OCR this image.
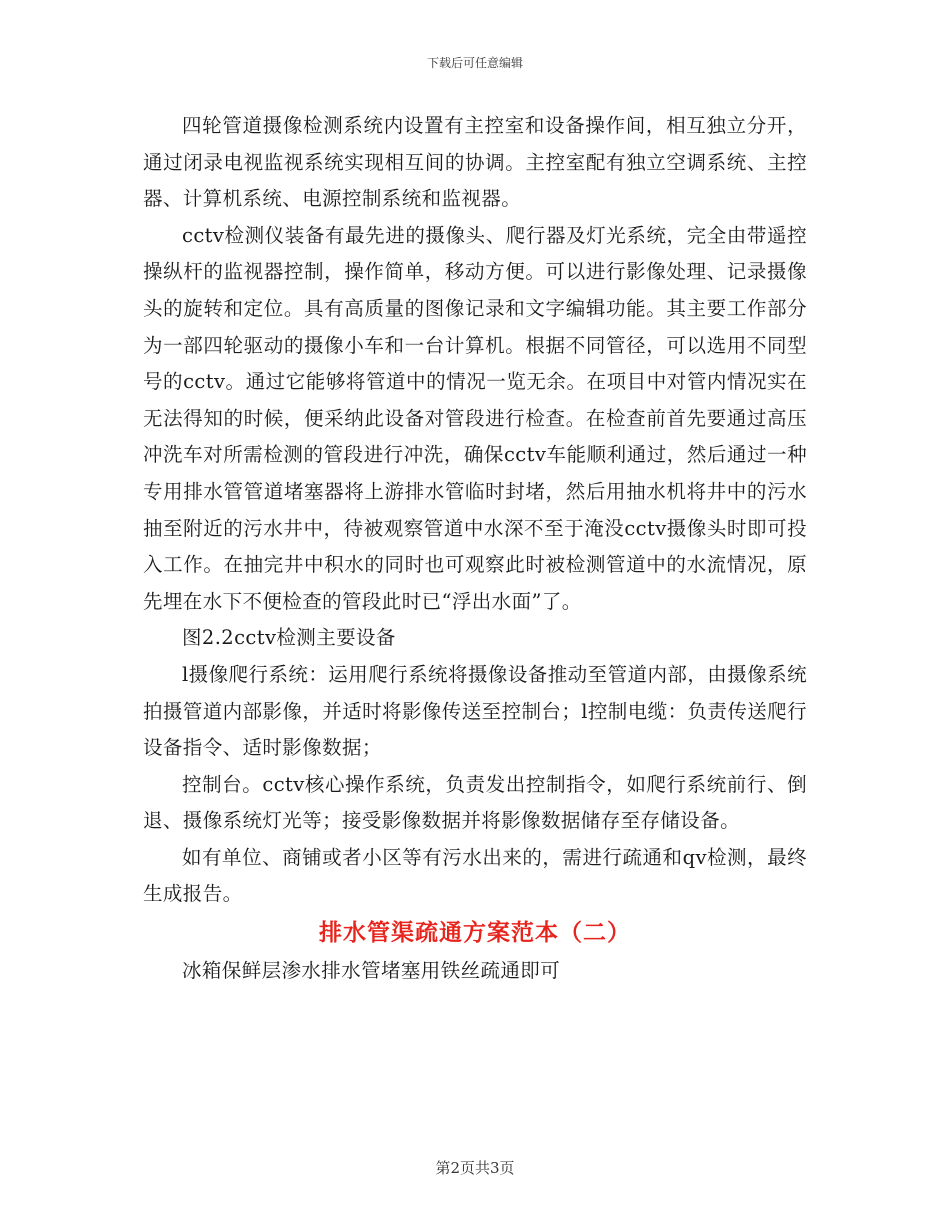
下载后可任意编辑

四轮管道摄像检测系统内设置有主控室和设备操作间，相互独立分开，通过闭录电视监视系统实现相互间的协调。主控室配有独立空调系统、主控器、计算机系统、电源控制系统和监视器。

cctv检测仪装备有最先进的摄像头、爬行器及灯光系统，完全由带遥控操纵杆的监视器控制，操作简单，移动方便。可以进行影像处理、记录摄像头的旋转和定位。具有高质量的图像记录和文字编辑功能。其主要工作部分为一部四轮驱动的摄像小车和一台计算机。根据不同管径，可以选用不同型号的cctv。通过它能够将管道中的情况一览无余。在项目中对管内情况实在无法得知的时候，便采纳此设备对管段进行检查。在检查前首先要通过高压冲洗车对所需检测的管段进行冲洗，确保cctv车能顺利通过，然后通过一种专用排水管管道堵塞器将上游排水管临时封堵，然后用抽水机将井中的污水抽至附近的污水井中，待被观察管道中水深不至于淹没cctv摄像头时即可投入工作。在抽完井中积水的同时也可观察此时被检测管道中的水流情况，原先埋在水下不便检查的管段此时已“浮出水面”了。

图2.2cctv检测主要设备

l摄像爬行系统：运用爬行系统将摄像设备推动至管道内部，由摄像系统拍摄管道内部影像，并适时将影像传送至控制台；l控制电缆：负责传送爬行设备指令、适时影像数据；

控制台。cctv核心操作系统，负责发出控制指令，如爬行系统前行、倒退、摄像系统灯光等；接受影像数据并将影像数据储存至存储设备。

如有单位、商铺或者小区等有污水出来的，需进行疏通和qv检测，最终生成报告。

排水管渠疏通方案范本（二）

冰箱保鲜层渗水排水管堵塞用铁丝疏通即可

第2页共3页
